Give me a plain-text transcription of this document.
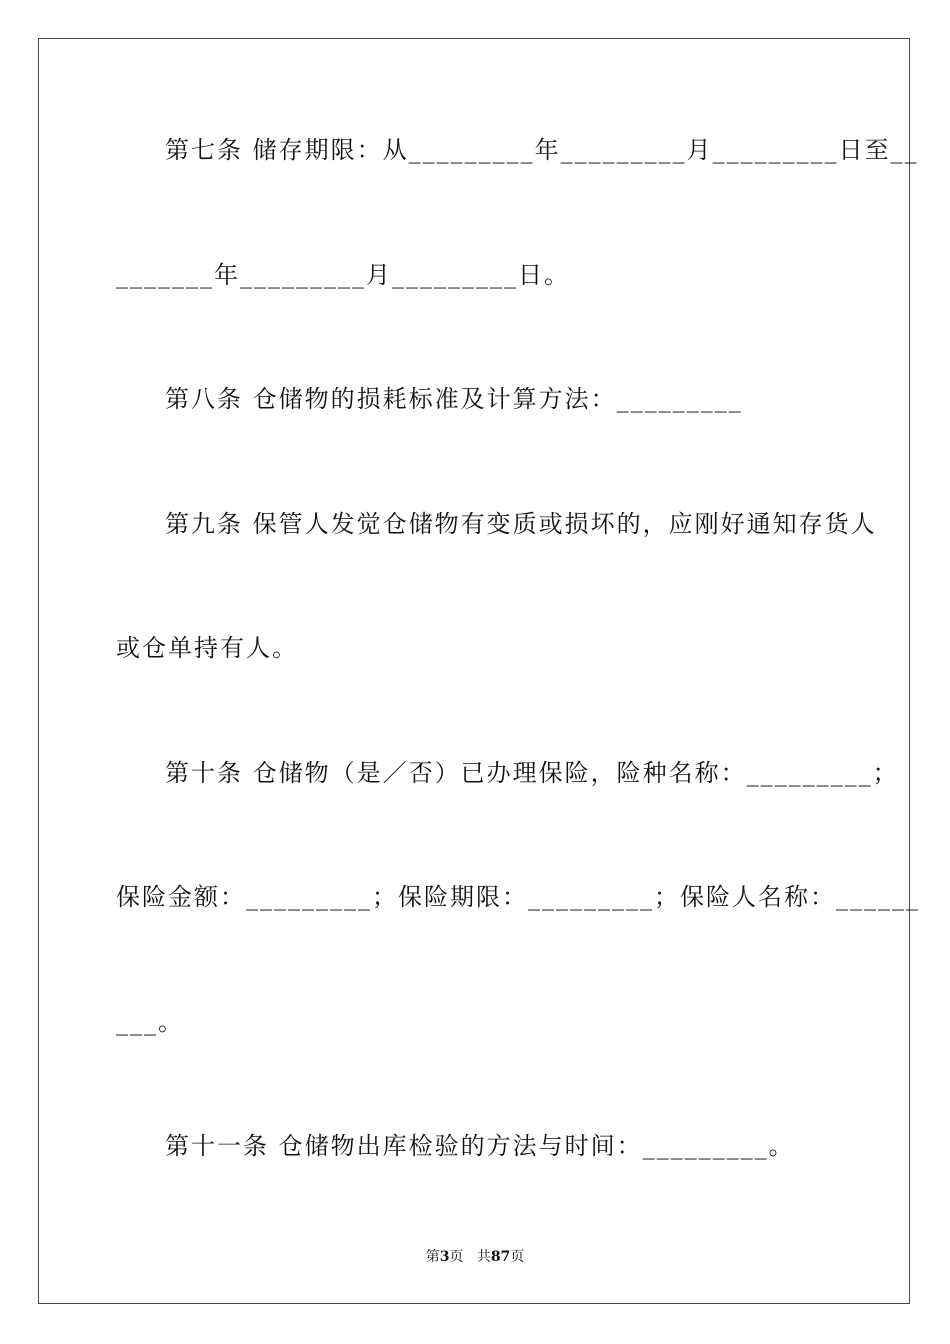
第七条 储存期限：从_________年_________月_________日至__
_______年_________月_________日。
第八条 仓储物的损耗标准及计算方法：_________
第九条 保管人发觉仓储物有变质或损坏的，应刚好通知存货人
或仓单持有人。
第十条 仓储物（是／否）已办理保险，险种名称：_________；
保险金额：_________；保险期限：_________；保险人名称：______
___。
第十一条 仓储物出库检验的方法与时间：_________。
第3页 共87页
